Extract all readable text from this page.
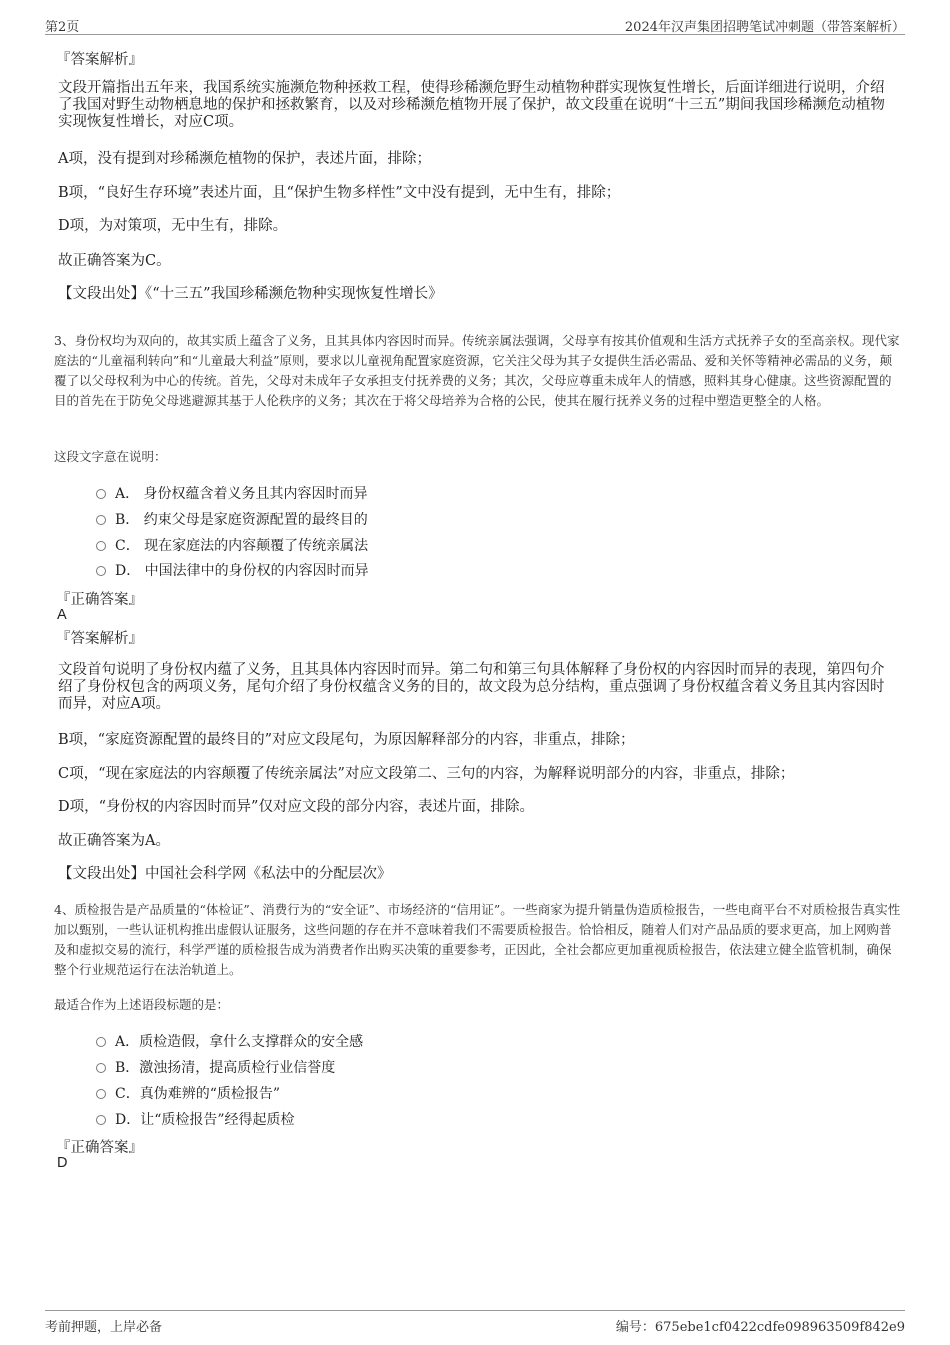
第2页	2024年汉声集团招聘笔试冲刺题（带答案解析）
『答案解析』
文段开篇指出五年来，我国系统实施濒危物种拯救工程，使得珍稀濒危野生动植物种群实现恢复性增长，后面详细进行说明，介绍了我国对野生动物栖息地的保护和拯救繁育，以及对珍稀濒危植物开展了保护，故文段重在说明“十三五”期间我国珍稀濒危动植物实现恢复性增长，对应C项。
A项，没有提到对珍稀濒危植物的保护，表述片面，排除；
B项，“良好生存环境”表述片面，且“保护生物多样性”文中没有提到，无中生有，排除；
D项，为对策项，无中生有，排除。
故正确答案为C。
【文段出处】《“十三五”我国珍稀濒危物种实现恢复性增长》
3、身份权均为双向的，故其实质上蕴含了义务，且其具体内容因时而异。传统亲属法强调，父母享有按其价值观和生活方式抚养子女的至高亲权。现代家庭法的“儿童福利转向”和“儿童最大利益”原则，要求以儿童视角配置家庭资源，它关注父母为其子女提供生活必需品、爱和关怀等精神必需品的义务，颠覆了以父母权利为中心的传统。首先，父母对未成年子女承担支付抚养费的义务；其次，父母应尊重未成年人的情感，照料其身心健康。这些资源配置的目的首先在于防免父母逃避源其基于人伦秩序的义务；其次在于将父母培养为合格的公民，使其在履行抚养义务的过程中塑造更整全的人格。
这段文字意在说明：
A． 身份权蕴含着义务且其内容因时而异
B． 约束父母是家庭资源配置的最终目的
C． 现在家庭法的内容颠覆了传统亲属法
D． 中国法律中的身份权的内容因时而异
『正确答案』
A
『答案解析』
文段首句说明了身份权内蕴了义务，且其具体内容因时而异。第二句和第三句具体解释了身份权的内容因时而异的表现，第四句介绍了身份权包含的两项义务，尾句介绍了身份权蕴含义务的目的，故文段为总分结构，重点强调了身份权蕴含着义务且其内容因时而异，对应A项。
B项，“家庭资源配置的最终目的”对应文段尾句，为原因解释部分的内容，非重点，排除；
C项，“现在家庭法的内容颠覆了传统亲属法”对应文段第二、三句的内容，为解释说明部分的内容，非重点，排除；
D项，“身份权的内容因时而异”仅对应文段的部分内容，表述片面，排除。
故正确答案为A。
【文段出处】中国社会科学网《私法中的分配层次》
4、质检报告是产品质量的“体检证”、消费行为的“安全证”、市场经济的“信用证”。一些商家为提升销量伪造质检报告，一些电商平台不对质检报告真实性加以甄别，一些认证机构推出虚假认证服务，这些问题的存在并不意味着我们不需要质检报告。恰恰相反，随着人们对产品品质的要求更高，加上网购普及和虚拟交易的流行，科学严谨的质检报告成为消费者作出购买决策的重要参考，正因此，全社会都应更加重视质检报告，依法建立健全监管机制，确保整个行业规范运行在法治轨道上。
最适合作为上述语段标题的是：
A．质检造假，拿什么支撑群众的安全感
B．激浊扬清，提高质检行业信誉度
C．真伪难辨的“质检报告”
D．让“质检报告”经得起质检
『正确答案』
D
考前押题，上岸必备	编号：675ebe1cf0422cdfe098963509f842e9
